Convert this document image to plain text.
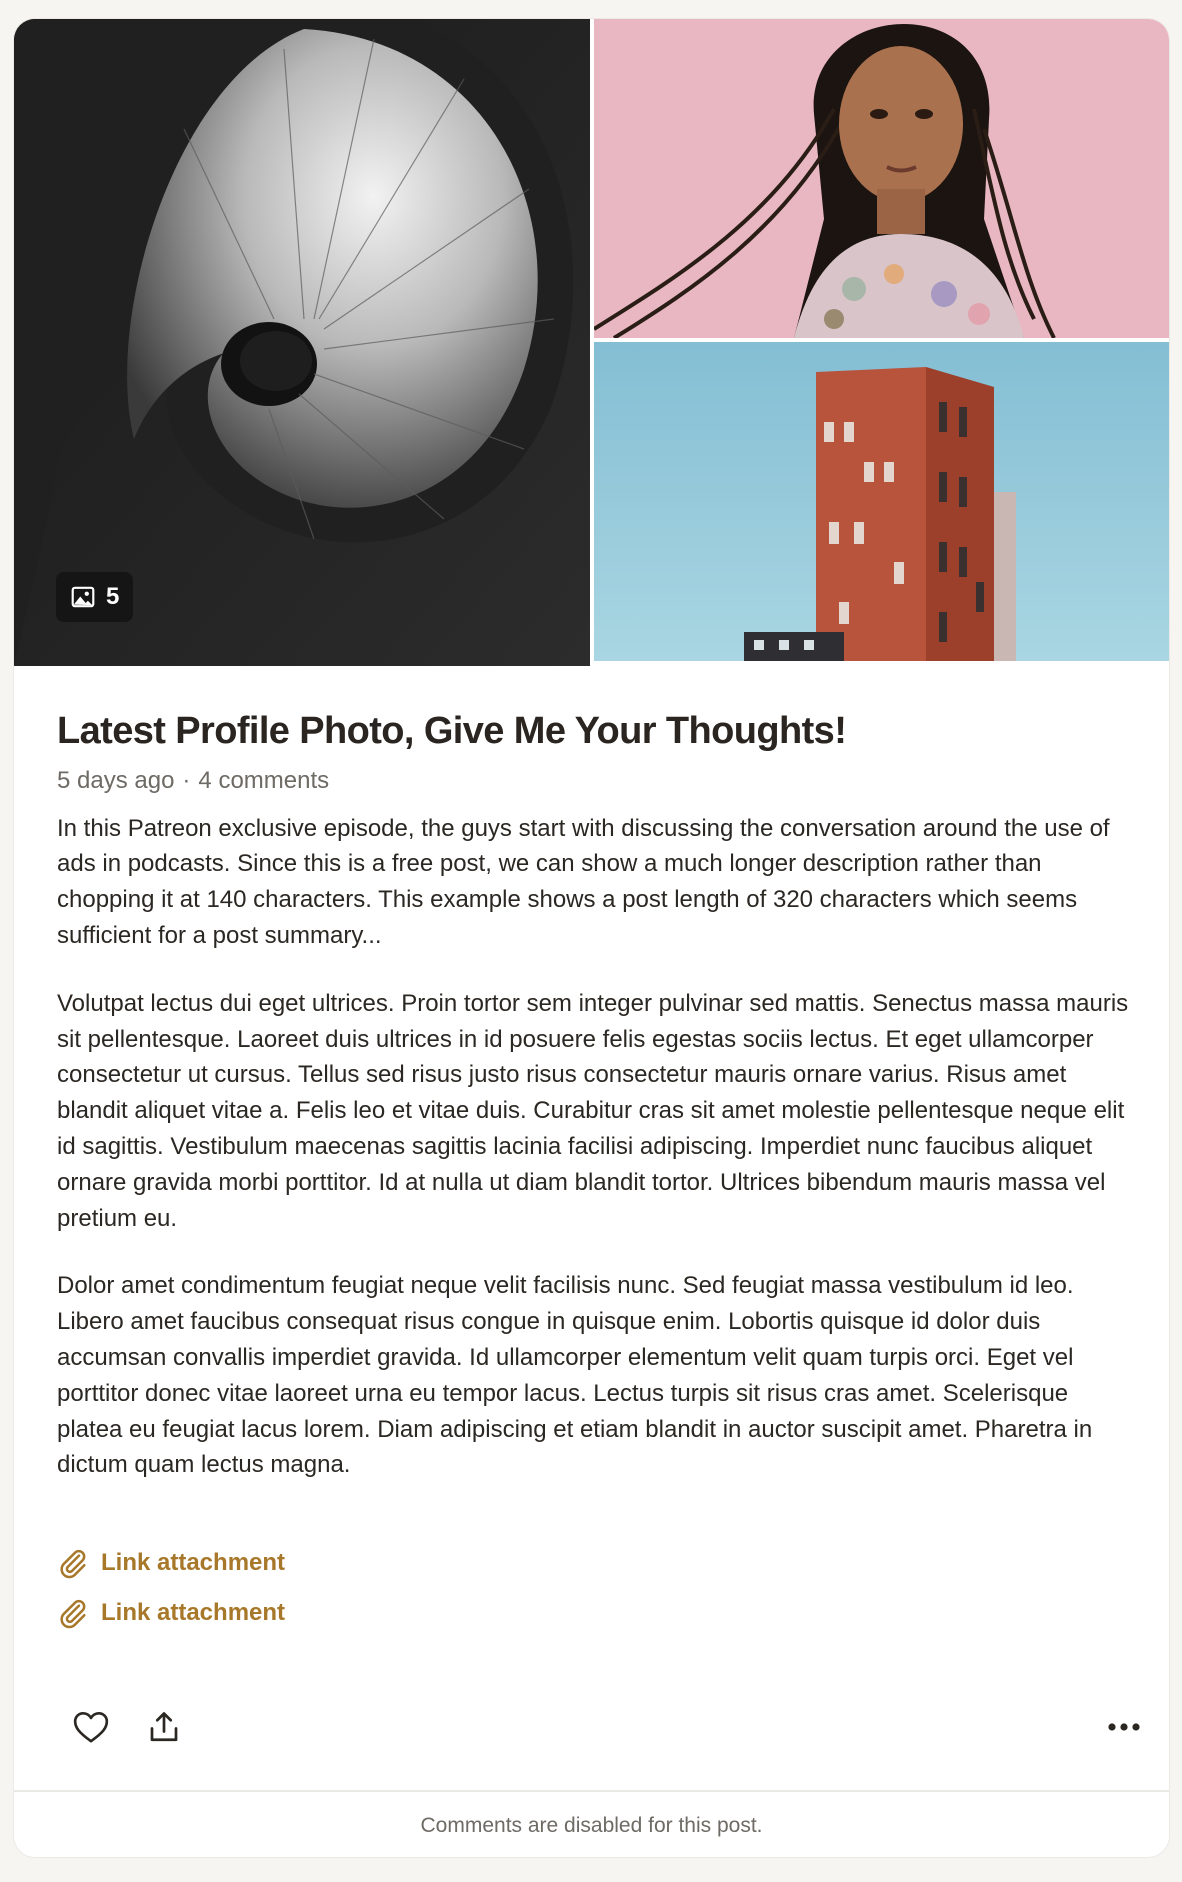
5
Latest Profile Photo, Give Me Your Thoughts!
5 days ago · 4 comments

In this Patreon exclusive episode, the guys start with discussing the conversation around the use of ads in podcasts. Since this is a free post, we can show a much longer description rather than chopping it at 140 characters. This example shows a post length of 320 characters which seems sufficient for a post summary...

Volutpat lectus dui eget ultrices. Proin tortor sem integer pulvinar sed mattis. Senectus massa mauris sit pellentesque. Laoreet duis ultrices in id posuere felis egestas sociis lectus. Et eget ullamcorper consectetur ut cursus. Tellus sed risus justo risus consectetur mauris ornare varius. Risus amet blandit aliquet vitae a. Felis leo et vitae duis. Curabitur cras sit amet molestie pellentesque neque elit id sagittis. Vestibulum maecenas sagittis lacinia facilisi adipiscing. Imperdiet nunc faucibus aliquet ornare gravida morbi porttitor. Id at nulla ut diam blandit tortor. Ultrices bibendum mauris massa vel pretium eu.

Dolor amet condimentum feugiat neque velit facilisis nunc. Sed feugiat massa vestibulum id leo. Libero amet faucibus consequat risus congue in quisque enim. Lobortis quisque id dolor duis accumsan convallis imperdiet gravida. Id ullamcorper elementum velit quam turpis orci. Eget vel porttitor donec vitae laoreet urna eu tempor lacus. Lectus turpis sit risus cras amet. Scelerisque platea eu feugiat lacus lorem. Diam adipiscing et etiam blandit in auctor suscipit amet. Pharetra in dictum quam lectus magna.

Link attachment
Link attachment
Comments are disabled for this post.
